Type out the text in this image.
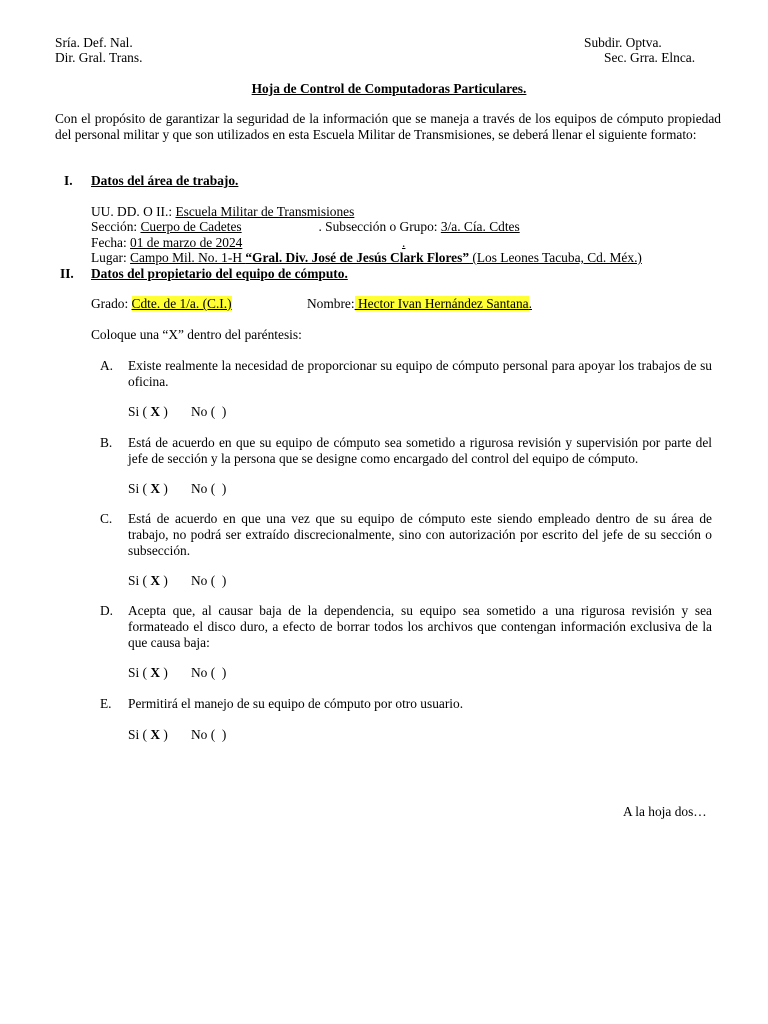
Sría. Def. Nal.
Dir. Gral. Trans.
Subdir. Optva.
Sec. Grra. Elnca.
Hoja de Control de Computadoras Particulares.
Con el propósito de garantizar la seguridad de la información que se maneja a través de los equipos de cómputo propiedad del personal militar y que son utilizados en esta Escuela Militar de Transmisiones, se deberá llenar el siguiente formato:
I. Datos del área de trabajo.
UU. DD. O II.: Escuela Militar de Transmisiones
Sección: Cuerpo de Cadetes	. Subsección o Grupo: 3/a. Cía. Cdtes
Fecha: 01 de marzo de 2024	.
Lugar: Campo Mil. No. 1-H “Gral. Div. José de Jesús Clark Flores” (Los Leones Tacuba, Cd. Méx.)
II. Datos del propietario del equipo de cómputo.
Grado: Cdte. de 1/a. (C.I.)	Nombre: Hector Ivan Hernández Santana.
Coloque una “X” dentro del paréntesis:
A. Existe realmente la necesidad de proporcionar su equipo de cómputo personal para apoyar los trabajos de su oficina.
Si ( X ) No (  )
B. Está de acuerdo en que su equipo de cómputo sea sometido a rigurosa revisión y supervisión por parte del jefe de sección y la persona que se designe como encargado del control del equipo de cómputo.
Si ( X ) No (  )
C. Está de acuerdo en que una vez que su equipo de cómputo este siendo empleado dentro de su área de trabajo, no podrá ser extraído discrecionalmente, sino con autorización por escrito del jefe de su sección o subsección.
Si ( X ) No (  )
D. Acepta que, al causar baja de la dependencia, su equipo sea sometido a una rigurosa revisión y sea formateado el disco duro, a efecto de borrar todos los archivos que contengan información exclusiva de la que causa baja:
Si ( X ) No (  )
E. Permitirá el manejo de su equipo de cómputo por otro usuario.
Si ( X ) No (  )
A la hoja dos…
